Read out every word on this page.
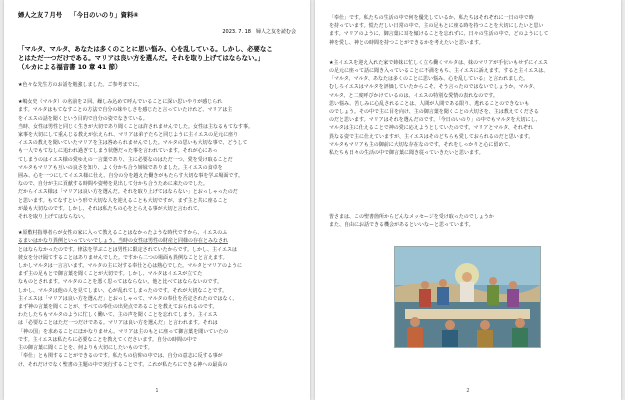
婦人之友７月号 「今日のいのり」資料④
2023. 7. 18　婦人之友を読む会
「マルタ、マルタ、あなたは多くのことに思い悩み、心を乱している。しかし、必要なこ
とはただ一つだけである。マリアは良い方を選んだ。それを取り上げてはならない。」
（ルカによる福音書 10 章 41 節）

★色々な先生方のお話を勉強しました。ご参考までに。

★嶋女史（マルタ）の名前を２回、繰しみ込めて呼んでいることに深い思いやりが感じられ

ます。マルタはもてなすことの方法で自分の妹やしさを感じたと言っていたけれど、マリアは主

をイエスの話を聞くという目的で自分の姿でなきている。

当時、女性は男性と同じく生きが大切であり聞くことは許されませんでした。女性は主なるもてなす事。

家事を大切にして重んじる教えが伝えられ、マリアは弟子たちと同じように主イエスの足元に座り

イエスの教えを聞いていたマリアを主は咎められませんでした。マルタの思いも大切な事で、どうして

も一人でもてなしに追われ過ぎてしまう状態だった事を言われています。それが心にあっ

てしまうのはイエス様の愛ゆえの一言葉であり、主に必要なのはただ一つ、愛を受け取ることだ

マルタもマリアも互いの良さを知り、よく分かち合う姉妹でありました。主イエスの食卓を

囲み、心を一つにしてイエス様に仕え、自分の分を越えた働きがもたらす大切な事を学ぶ場面です。

なので、自分が主に貢献する時間や姿勢を見出して分かち合うために来たのでした。

だからイエス様は「マリアは良い方を選んだ。それを取り上げてはならない」とおっしゃったのだ

と思います。もてなすという形で大切な人を迎えることも大切ですが、まず主と共に座ること

が最も大切なのです。しかし、それは私たちの心をとらえる事が大切と言われて、

それを取り上げてはならない。

★原敷村指導者らが女性の家に入って教えることはなかったような時代ですから、イエスのふ

るまいはかなり異例といっていいでしょう。当時の女性は男性の財産と同様の存在とみなされ

とはならなかったのです。律法を学ぶことは男性に限定されていたからです。しかし、主イエスは

彼女を分け隔てすることはありませんでした。ですから二つの場面も異例なことと言えます。

しかしマルタは一言言います。マルタの主に対する奉仕と心は熱心でした。マルタとマリアのように

まず主の足もとで御言葉を聞くことが大切です。しかし、マルタはイエスが立てた

なものとされます。マルタのことを悪く思ってはならない。他と比べてはならないのです。

しかし、マルタは他の人を見てしまい、心が乱れてしまったのです。それが大切なことです。

主イエスは「マリアは良い方を選んだ」とおっしゃって、マルタの奉仕を否定されたのではなく、

まず神の言葉を聞くことが、すべての奉仕の出発点であることを教えておられるのです。

わたしたちもマルタのように忙しく働いて、主の声を聞くことを忘れてしまう。主イエス

は「必要なことはただ一つだけである。マリアは良い方を選んだ」と言われます。それは

「神の国」を求めることにほかなりません。マリアは主のもとに座って御言葉を聞いていたの

です。主イエスは私たちに必要なことを教えてくださいます。自分の時間の中で

主の御言葉に聞くことを、何よりも大切にしたいものです。

「奉仕」とも関することができるのです。私たちの信仰の中では、自分の意志に反する事が

け、それだけでなく聖書の主題の中で実行することです。これが私たちにできる神への最高の

1

「奉仕」です。私たちの生活の中で何を優先しているか、私たちはそれぞれに一日の中で時

を持っています。慌ただしい日常の中で、主の足もとに座る時を持つことを大切にしたいと思い

ます。マリアのように、御言葉に耳を傾けることを忘れずに、日々の生活の中で、どのようにして

神を愛し、神との時間を持つことができるかを考えたいと思います。

★主イエスを迎え入れた家で姉妹に忙しく立ち働くマルタは、妹のマリアが手伝いもせずにイエス

の足元に座って話に聞き入っていることに不満をもち、主イエスに訴えます。すると主イエスは、

「マルタ、マルタ、あなたは多くのことに思い悩み、心を乱している」と言われました。

むしろイエスはマルタを評価していたからこそ、そう言ったのではないでしょうか。マルタ、

マルタ、と二度呼びかけているのは、イエスの特別な愛情の表れなのです。

思い悩み、苦しみに心乱されることは、人間が人間である限り、逃れることのできないも

のでしょう。その中で主に目を向け、主の御言葉を聞くことの大切さを、主は教えてくださる

のだと思います。マリアはそれを選んだのです。「今日のいのり」の中でもマルタを大切にし、

マルタは主に仕えることで神の愛に応えようとしていたのです。マリアとマルタ、それぞれ

異なる姿で主に仕えていますが、主イエスはそのどちらも愛しておられるのだと思います。

マルタもマリアも主の御前に大切な存在なのです。それをしっかりと心に留めて、

私たちも日々の生活の中で御言葉に聞き従っていきたいと思います。

皆さまは、この聖書箇所からどんなメッセージを受け取ったのでしょうか

また、自由にお話できる機会があるといいなーと思っています。

2
